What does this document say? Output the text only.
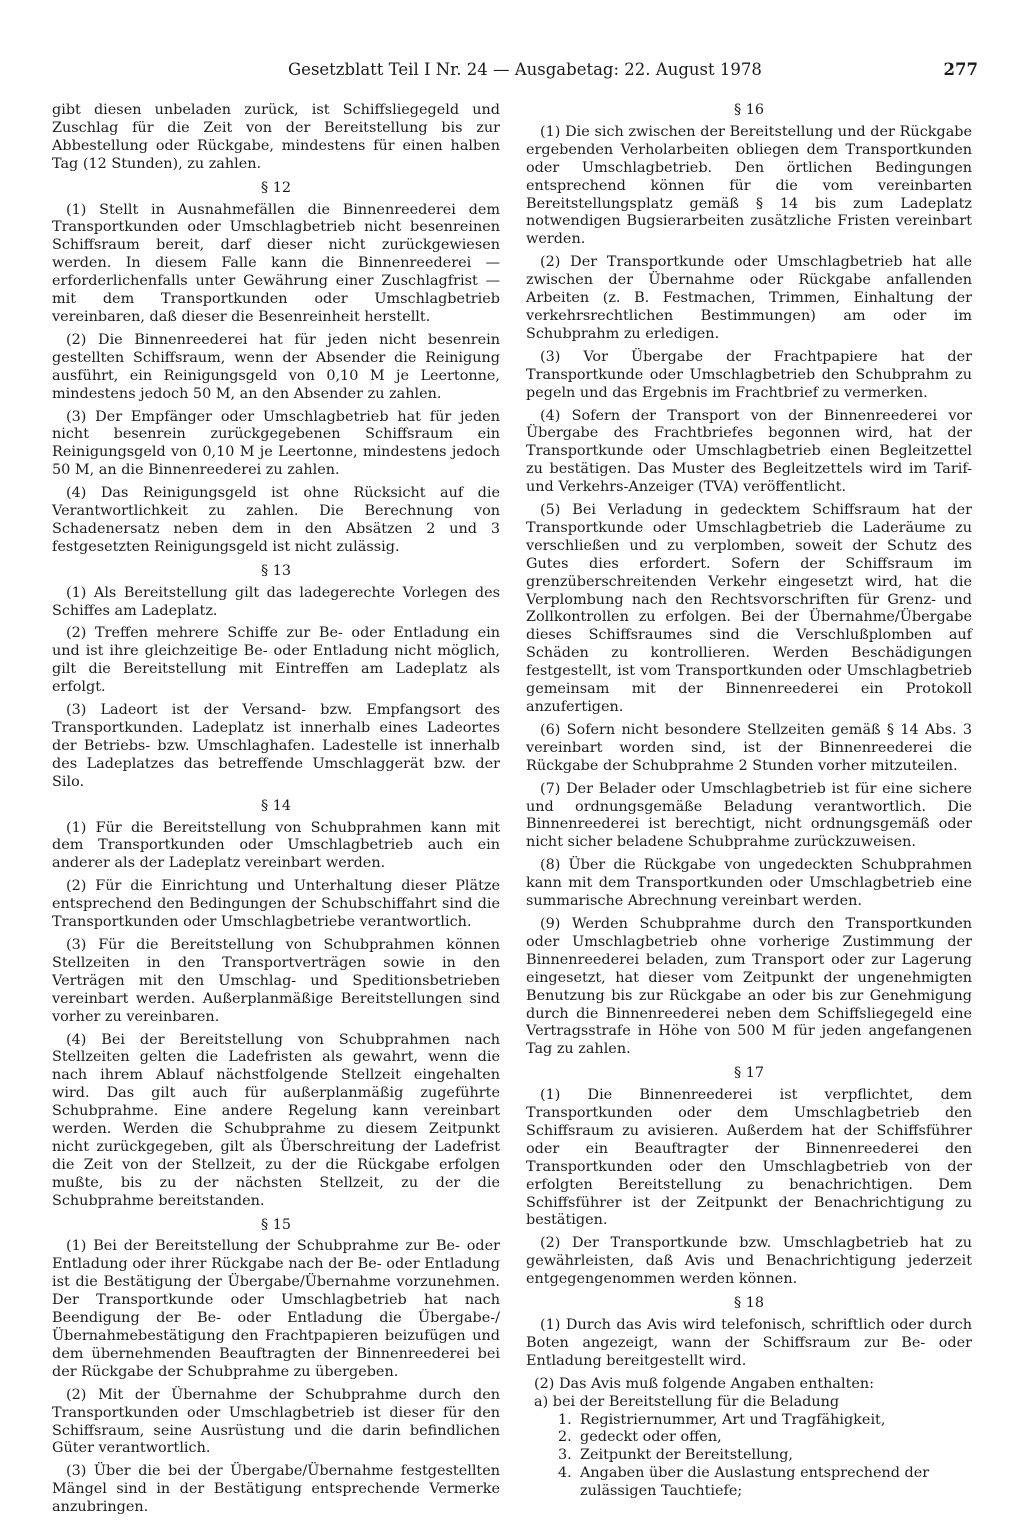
Gesetzblatt Teil I Nr. 24 — Ausgabetag: 22. August 1978	277

gibt diesen unbeladen zurück, ist Schiffsliegegeld und Zuschlag für die Zeit von der Bereitstellung bis zur Abbestellung oder Rückgabe, mindestens für einen halben Tag (12 Stunden), zu zahlen.

§ 12

(1) Stellt in Ausnahmefällen die Binnenreederei dem Transportkunden oder Umschlagbetrieb nicht besenreinen Schiffsraum bereit, darf dieser nicht zurückgewiesen werden. In diesem Falle kann die Binnenreederei — erforderlichenfalls unter Gewährung einer Zuschlagfrist — mit dem Transportkunden oder Umschlagbetrieb vereinbaren, daß dieser die Besenreinheit herstellt.

(2) Die Binnenreederei hat für jeden nicht besenrein gestellten Schiffsraum, wenn der Absender die Reinigung ausführt, ein Reinigungsgeld von 0,10 M je Leertonne, mindestens jedoch 50 M, an den Absender zu zahlen.

(3) Der Empfänger oder Umschlagbetrieb hat für jeden nicht besenrein zurückgegebenen Schiffsraum ein Reinigungsgeld von 0,10 M je Leertonne, mindestens jedoch 50 M, an die Binnenreederei zu zahlen.

(4) Das Reinigungsgeld ist ohne Rücksicht auf die Verantwortlichkeit zu zahlen. Die Berechnung von Schadenersatz neben dem in den Absätzen 2 und 3 festgesetzten Reinigungsgeld ist nicht zulässig.

§ 13

(1) Als Bereitstellung gilt das ladegerechte Vorlegen des Schiffes am Ladeplatz.

(2) Treffen mehrere Schiffe zur Be- oder Entladung ein und ist ihre gleichzeitige Be- oder Entladung nicht möglich, gilt die Bereitstellung mit Eintreffen am Ladeplatz als erfolgt.

(3) Ladeort ist der Versand- bzw. Empfangsort des Transportkunden. Ladeplatz ist innerhalb eines Ladeortes der Betriebs- bzw. Umschlaghafen. Ladestelle ist innerhalb des Ladeplatzes das betreffende Umschlaggerät bzw. der Silo.

§ 14

(1) Für die Bereitstellung von Schubprahmen kann mit dem Transportkunden oder Umschlagbetrieb auch ein anderer als der Ladeplatz vereinbart werden.

(2) Für die Einrichtung und Unterhaltung dieser Plätze entsprechend den Bedingungen der Schubschiffahrt sind die Transportkunden oder Umschlagbetriebe verantwortlich.

(3) Für die Bereitstellung von Schubprahmen können Stellzeiten in den Transportverträgen sowie in den Verträgen mit den Umschlag- und Speditionsbetrieben vereinbart werden. Außerplanmäßige Bereitstellungen sind vorher zu vereinbaren.

(4) Bei der Bereitstellung von Schubprahmen nach Stellzeiten gelten die Ladefristen als gewahrt, wenn die nach ihrem Ablauf nächstfolgende Stellzeit eingehalten wird. Das gilt auch für außerplanmäßig zugeführte Schubprahme. Eine andere Regelung kann vereinbart werden. Werden die Schubprahme zu diesem Zeitpunkt nicht zurückgegeben, gilt als Überschreitung der Ladefrist die Zeit von der Stellzeit, zu der die Rückgabe erfolgen mußte, bis zu der nächsten Stellzeit, zu der die Schubprahme bereitstanden.

§ 15

(1) Bei der Bereitstellung der Schubprahme zur Be- oder Entladung oder ihrer Rückgabe nach der Be- oder Entladung ist die Bestätigung der Übergabe/Übernahme vorzunehmen. Der Transportkunde oder Umschlagbetrieb hat nach Beendigung der Be- oder Entladung die Übergabe-/Übernahmebestätigung den Frachtpapieren beizufügen und dem übernehmenden Beauftragten der Binnenreederei bei der Rückgabe der Schubprahme zu übergeben.

(2) Mit der Übernahme der Schubprahme durch den Transportkunden oder Umschlagbetrieb ist dieser für den Schiffsraum, seine Ausrüstung und die darin befindlichen Güter verantwortlich.

(3) Über die bei der Übergabe/Übernahme festgestellten Mängel sind in der Bestätigung entsprechende Vermerke anzubringen.

§ 16

(1) Die sich zwischen der Bereitstellung und der Rückgabe ergebenden Verholarbeiten obliegen dem Transportkunden oder Umschlagbetrieb. Den örtlichen Bedingungen entsprechend können für die vom vereinbarten Bereitstellungsplatz gemäß § 14 bis zum Ladeplatz notwendigen Bugsierarbeiten zusätzliche Fristen vereinbart werden.

(2) Der Transportkunde oder Umschlagbetrieb hat alle zwischen der Übernahme oder Rückgabe anfallenden Arbeiten (z. B. Festmachen, Trimmen, Einhaltung der verkehrsrechtlichen Bestimmungen) am oder im Schubprahm zu erledigen.

(3) Vor Übergabe der Frachtpapiere hat der Transportkunde oder Umschlagbetrieb den Schubprahm zu pegeln und das Ergebnis im Frachtbrief zu vermerken.

(4) Sofern der Transport von der Binnenreederei vor Übergabe des Frachtbriefes begonnen wird, hat der Transportkunde oder Umschlagbetrieb einen Begleitzettel zu bestätigen. Das Muster des Begleitzettels wird im Tarif- und Verkehrs-Anzeiger (TVA) veröffentlicht.

(5) Bei Verladung in gedecktem Schiffsraum hat der Transportkunde oder Umschlagbetrieb die Laderäume zu verschließen und zu verplomben, soweit der Schutz des Gutes dies erfordert. Sofern der Schiffsraum im grenzüberschreitenden Verkehr eingesetzt wird, hat die Verplombung nach den Rechtsvorschriften für Grenz- und Zollkontrollen zu erfolgen. Bei der Übernahme/Übergabe dieses Schiffsraumes sind die Verschlußplomben auf Schäden zu kontrollieren. Werden Beschädigungen festgestellt, ist vom Transportkunden oder Umschlagbetrieb gemeinsam mit der Binnenreederei ein Protokoll anzufertigen.

(6) Sofern nicht besondere Stellzeiten gemäß § 14 Abs. 3 vereinbart worden sind, ist der Binnenreederei die Rückgabe der Schubprahme 2 Stunden vorher mitzuteilen.

(7) Der Belader oder Umschlagbetrieb ist für eine sichere und ordnungsgemäße Beladung verantwortlich. Die Binnenreederei ist berechtigt, nicht ordnungsgemäß oder nicht sicher beladene Schubprahme zurückzuweisen.

(8) Über die Rückgabe von ungedeckten Schubprahmen kann mit dem Transportkunden oder Umschlagbetrieb eine summarische Abrechnung vereinbart werden.

(9) Werden Schubprahme durch den Transportkunden oder Umschlagbetrieb ohne vorherige Zustimmung der Binnenreederei beladen, zum Transport oder zur Lagerung eingesetzt, hat dieser vom Zeitpunkt der ungenehmigten Benutzung bis zur Rückgabe an oder bis zur Genehmigung durch die Binnenreederei neben dem Schiffsliegegeld eine Vertragsstrafe in Höhe von 500 M für jeden angefangenen Tag zu zahlen.

§ 17

(1) Die Binnenreederei ist verpflichtet, dem Transportkunden oder dem Umschlagbetrieb den Schiffsraum zu avisieren. Außerdem hat der Schiffsführer oder ein Beauftragter der Binnenreederei den Transportkunden oder den Umschlagbetrieb von der erfolgten Bereitstellung zu benachrichtigen. Dem Schiffsführer ist der Zeitpunkt der Benachrichtigung zu bestätigen.

(2) Der Transportkunde bzw. Umschlagbetrieb hat zu gewährleisten, daß Avis und Benachrichtigung jederzeit entgegengenommen werden können.

§ 18

(1) Durch das Avis wird telefonisch, schriftlich oder durch Boten angezeigt, wann der Schiffsraum zur Be- oder Entladung bereitgestellt wird.

(2) Das Avis muß folgende Angaben enthalten:
a) bei der Bereitstellung für die Beladung
1. Registriernummer, Art und Tragfähigkeit,
2. gedeckt oder offen,
3. Zeitpunkt der Bereitstellung,
4. Angaben über die Auslastung entsprechend der zulässigen Tauchtiefe;
